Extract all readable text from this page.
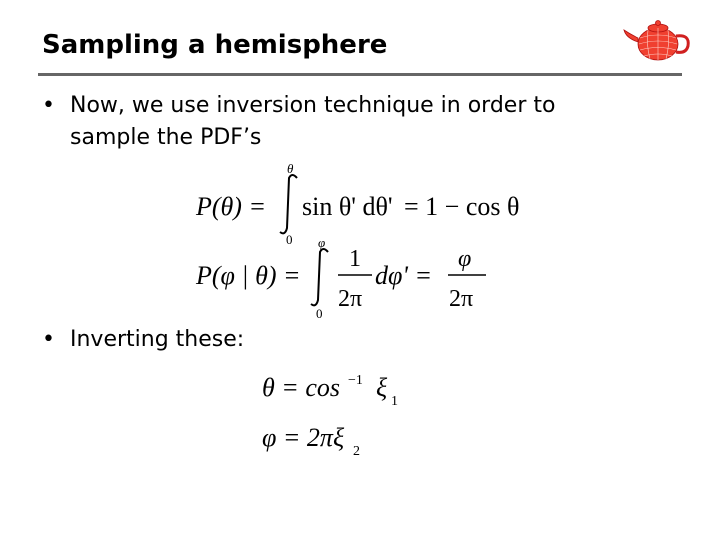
Sampling a hemisphere
• Now, we use inversion technique in order to
sample the PDF’s
P(θ) =
θ
0
sin θ' dθ' = 1 − cos θ
P(φ | θ) =
φ
0
1
2π
dφ' =
φ
2π
• Inverting these:
θ = cos −1 ξ 1
φ = 2πξ 2
